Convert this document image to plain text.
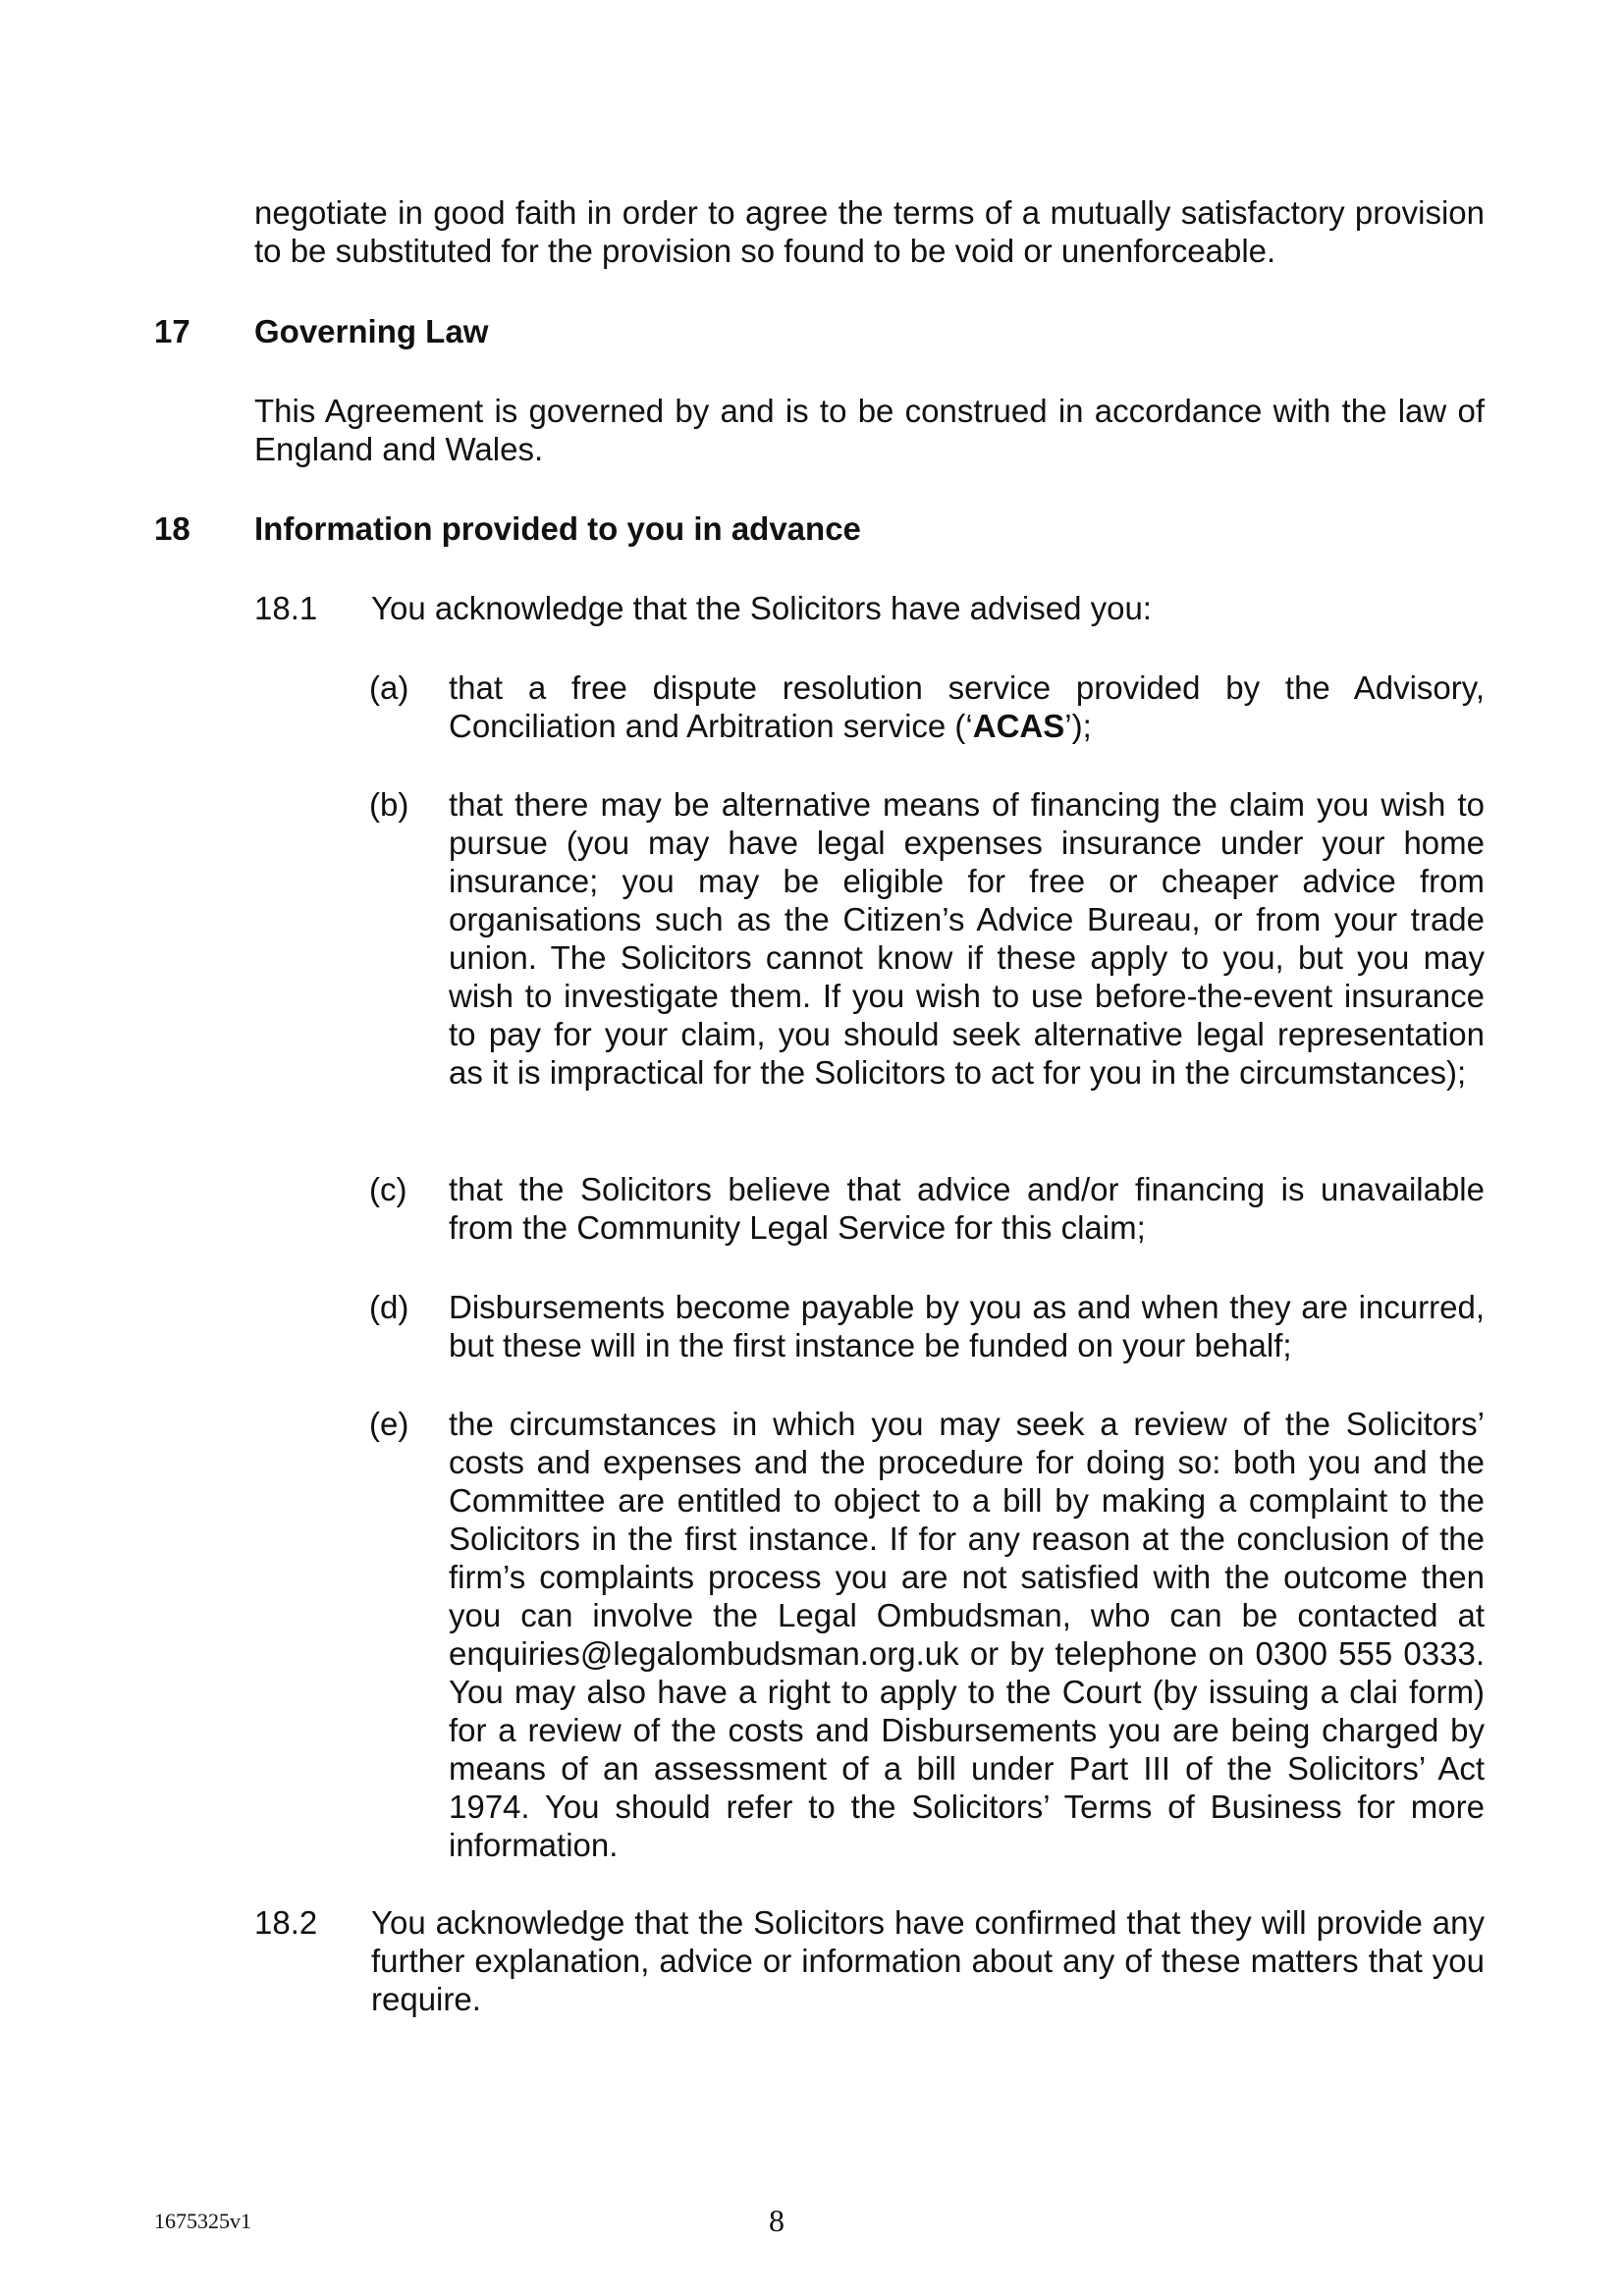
negotiate in good faith in order to agree the terms of a mutually satisfactory provision to be substituted for the provision so found to be void or unenforceable.

17 Governing Law

This Agreement is governed by and is to be construed in accordance with the law of England and Wales.

18 Information provided to you in advance
18.1 You acknowledge that the Solicitors have advised you:

(a) that a free dispute resolution service provided by the Advisory, Conciliation and Arbitration service (‘ACAS’);

(b) that there may be alternative means of financing the claim you wish to pursue (you may have legal expenses insurance under your home insurance; you may be eligible for free or cheaper advice from organisations such as the Citizen’s Advice Bureau, or from your trade union. The Solicitors cannot know if these apply to you, but you may wish to investigate them. If you wish to use before-the-event insurance to pay for your claim, you should seek alternative legal representation as it is impractical for the Solicitors to act for you in the circumstances);

(c) that the Solicitors believe that advice and/or financing is unavailable from the Community Legal Service for this claim;

(d) Disbursements become payable by you as and when they are incurred, but these will in the first instance be funded on your behalf;

(e) the circumstances in which you may seek a review of the Solicitors’ costs and expenses and the procedure for doing so: both you and the Committee are entitled to object to a bill by making a complaint to the Solicitors in the first instance. If for any reason at the conclusion of the firm’s complaints process you are not satisfied with the outcome then you can involve the Legal Ombudsman, who can be contacted at enquiries@legalombudsman.org.uk or by telephone on 0300 555 0333. You may also have a right to apply to the Court (by issuing a clai form) for a review of the costs and Disbursements you are being charged by means of an assessment of a bill under Part III of the Solicitors’ Act 1974. You should refer to the Solicitors’ Terms of Business for more information.

18.2 You acknowledge that the Solicitors have confirmed that they will provide any further explanation, advice or information about any of these matters that you require.

1675325v1	8
